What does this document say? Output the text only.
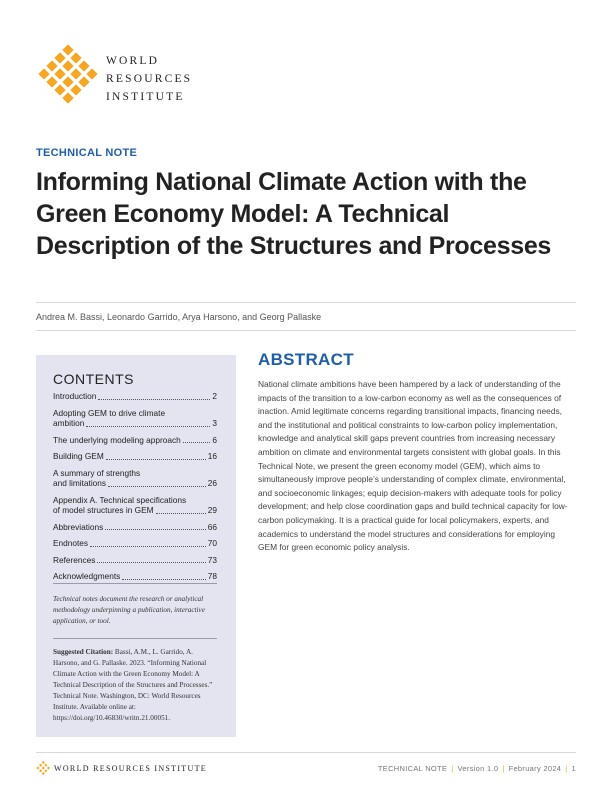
WORLD
RESOURCES
INSTITUTE
TECHNICAL NOTE
Informing National Climate Action with the Green Economy Model: A Technical Description of the Structures and Processes
Andrea M. Bassi, Leonardo Garrido, Arya Harsono, and Georg Pallaske
CONTENTS
Introduction	2
Adopting GEM to drive climate
ambition	3
The underlying modeling approach	6
Building GEM	16
A summary of strengths
and limitations	26
Appendix A. Technical specifications
of model structures in GEM	29
Abbreviations	66
Endnotes	70
References	73
Acknowledgments	78
Technical notes document the research or analytical methodology underpinning a publication, interactive application, or tool.
Suggested Citation: Bassi, A.M., L. Garrido, A. Harsono, and G. Pallaske. 2023. “Informing National Climate Action with the Green Economy Model: A Technical Description of the Structures and Processes.” Technical Note. Washington, DC: World Resources Institute. Available online at: https://doi.org/10.46830/writn.21.00051.
ABSTRACT
National climate ambitions have been hampered by a lack of understanding of the impacts of the transition to a low-carbon economy as well as the consequences of inaction. Amid legitimate concerns regarding transitional impacts, financing needs, and the institutional and political constraints to low-carbon policy implementation, knowledge and analytical skill gaps prevent countries from increasing necessary ambition on climate and environmental targets consistent with global goals. In this Technical Note, we present the green economy model (GEM), which aims to simultaneously improve people’s understanding of complex climate, environmental, and socioeconomic linkages; equip decision-makers with adequate tools for policy development; and help close coordination gaps and build technical capacity for low-carbon policymaking. It is a practical guide for local policymakers, experts, and academics to understand the model structures and considerations for employing GEM for green economic policy analysis.
WORLD RESOURCES INSTITUTE	TECHNICAL NOTE | Version 1.0 | February 2024 | 1
